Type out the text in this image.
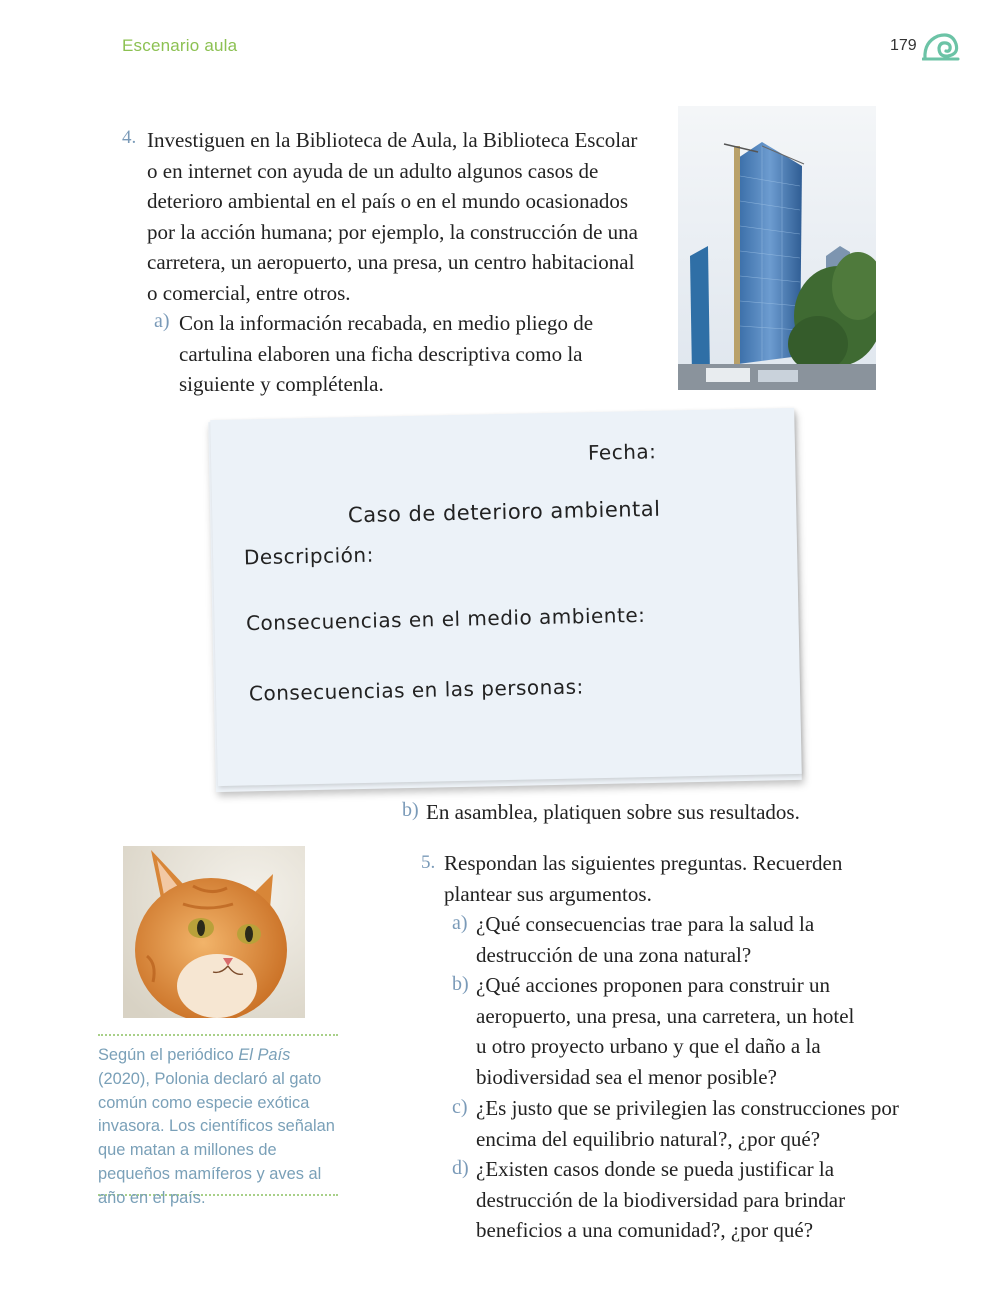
Escenario aula	179
4. Investiguen en la Biblioteca de Aula, la Biblioteca Escolar
o en internet con ayuda de un adulto algunos casos de
deterioro ambiental en el país o en el mundo ocasionados
por la acción humana; por ejemplo, la construcción de una
carretera, un aeropuerto, una presa, un centro habitacional
o comercial, entre otros.
a) Con la información recabada, en medio pliego de
cartulina elaboren una ficha descriptiva como la
siguiente y complétenla.
Fecha:
Caso de deterioro ambiental
Descripción:
Consecuencias en el medio ambiente:
Consecuencias en las personas:
b) En asamblea, platiquen sobre sus resultados.
Según el periódico El País (2020), Polonia declaró al gato común como especie exótica invasora. Los científicos señalan que matan a millones de pequeños mamíferos y aves al año en el país.
5. Respondan las siguientes preguntas. Recuerden
plantear sus argumentos.
a) ¿Qué consecuencias trae para la salud la
destrucción de una zona natural?
b) ¿Qué acciones proponen para construir un
aeropuerto, una presa, una carretera, un hotel
u otro proyecto urbano y que el daño a la
biodiversidad sea el menor posible?
c) ¿Es justo que se privilegien las construcciones por
encima del equilibrio natural?, ¿por qué?
d) ¿Existen casos donde se pueda justificar la
destrucción de la biodiversidad para brindar
beneficios a una comunidad?, ¿por qué?
